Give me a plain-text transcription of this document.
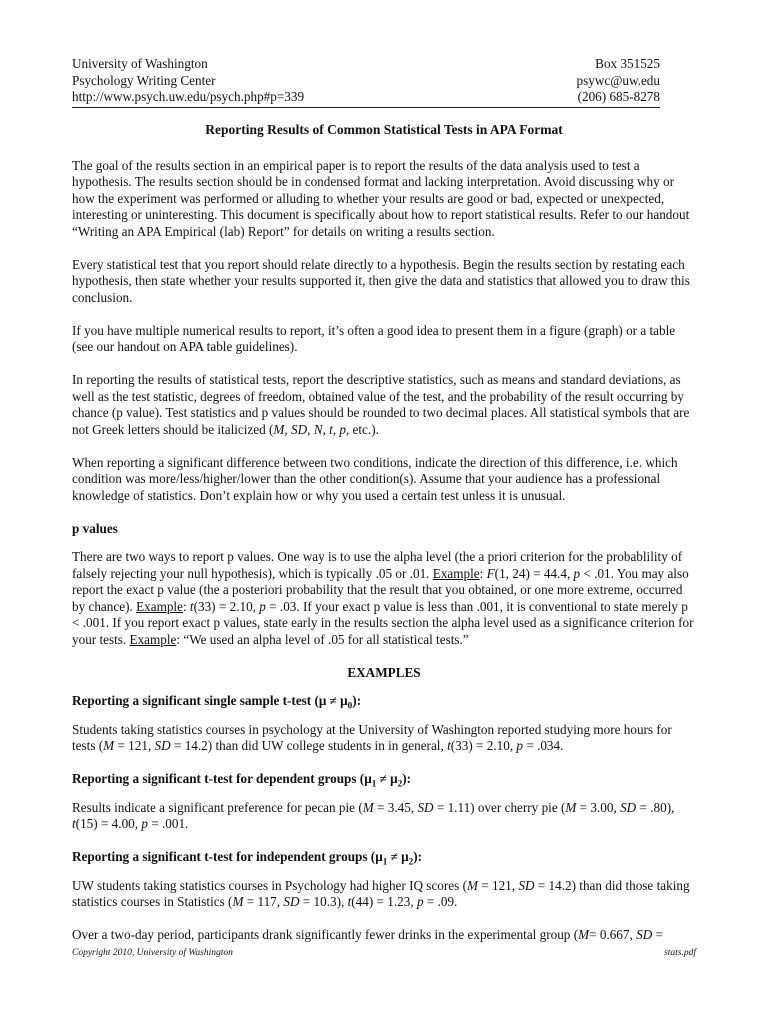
University of Washington	Box 351525
Psychology Writing Center	psywc@uw.edu
http://www.psych.uw.edu/psych.php#p=339	(206) 685-8278
Reporting Results of Common Statistical Tests in APA Format

The goal of the results section in an empirical paper is to report the results of the data analysis used to test a hypothesis. The results section should be in condensed format and lacking interpretation. Avoid discussing why or how the experiment was performed or alluding to whether your results are good or bad, expected or unexpected, interesting or uninteresting. This document is specifically about how to report statistical results. Refer to our handout “Writing an APA Empirical (lab) Report” for details on writing a results section.

Every statistical test that you report should relate directly to a hypothesis. Begin the results section by restating each hypothesis, then state whether your results supported it, then give the data and statistics that allowed you to draw this conclusion.

If you have multiple numerical results to report, it’s often a good idea to present them in a figure (graph) or a table (see our handout on APA table guidelines).

In reporting the results of statistical tests, report the descriptive statistics, such as means and standard deviations, as well as the test statistic, degrees of freedom, obtained value of the test, and the probability of the result occurring by chance (p value). Test statistics and p values should be rounded to two decimal places. All statistical symbols that are not Greek letters should be italicized (M, SD, N, t, p, etc.).

When reporting a significant difference between two conditions, indicate the direction of this difference, i.e. which condition was more/less/higher/lower than the other condition(s). Assume that your audience has a professional knowledge of statistics. Don’t explain how or why you used a certain test unless it is unusual.

p values

There are two ways to report p values. One way is to use the alpha level (the a priori criterion for the probablility of falsely rejecting your null hypothesis), which is typically .05 or .01. Example: F(1, 24) = 44.4, p < .01. You may also report the exact p value (the a posteriori probability that the result that you obtained, or one more extreme, occurred by chance). Example: t(33) = 2.10, p = .03. If your exact p value is less than .001, it is conventional to state merely p < .001. If you report exact p values, state early in the results section the alpha level used as a significance criterion for your tests. Example: “We used an alpha level of .05 for all statistical tests.”

EXAMPLES
Reporting a significant single sample t-test $(\mu \ne \mu_0)$:

Students taking statistics courses in psychology at the University of Washington reported studying more hours for tests (M = 121, SD = 14.2) than did UW college students in in general, t(33) = 2.10, p = .034.

Reporting a significant t-test for dependent groups $(\mu_1 \ne \mu_2)$:

Results indicate a significant preference for pecan pie (M = 3.45, SD = 1.11) over cherry pie (M = 3.00, SD = .80), t(15) = 4.00, p = .001.

Reporting a significant t-test for independent groups $(\mu_1 \ne \mu_2)$:

UW students taking statistics courses in Psychology had higher IQ scores (M = 121, SD = 14.2) than did those taking statistics courses in Statistics (M = 117, SD = 10.3), t(44) = 1.23, p = .09.

Over a two-day period, participants drank significantly fewer drinks in the experimental group (M= 0.667, SD =

Copyright 2010, University of Washington	stats.pdf
